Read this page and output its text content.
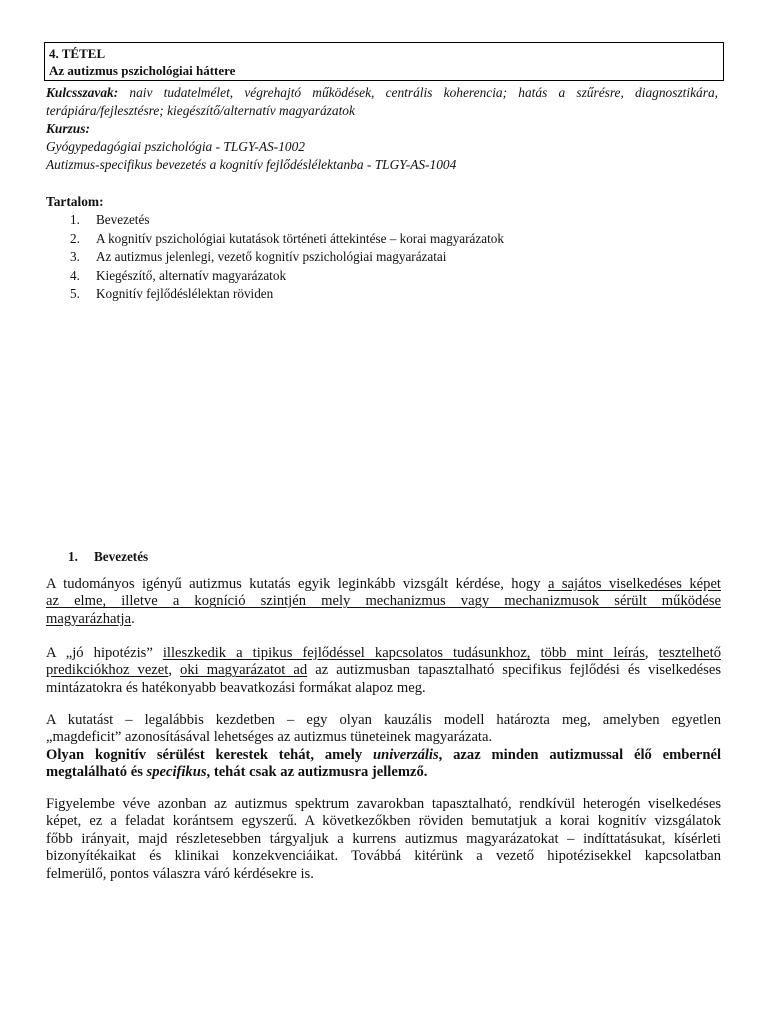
4. TÉTEL
Az autizmus pszichológiai háttere
Kulcsszavak: naiv tudatelmélet, végrehajtó működések, centrális koherencia; hatás a szűrésre, diagnosztikára,
terápiára/fejlesztésre; kiegészítő/alternatív magyarázatok
Kurzus:
Gyógypedagógiai pszichológia - TLGY-AS-1002
Autizmus-specifikus bevezetés a kognitív fejlődéslélektanba - TLGY-AS-1004
Tartalom:
1.	Bevezetés
2.	A kognitív pszichológiai kutatások történeti áttekintése – korai magyarázatok
3.	Az autizmus jelenlegi, vezető kognitív pszichológiai magyarázatai
4.	Kiegészítő, alternatív magyarázatok
5.	Kognitív fejlődéslélektan röviden
1. Bevezetés
A tudományos igényű autizmus kutatás egyik leginkább vizsgált kérdése, hogy a sajátos viselkedéses képet
az elme, illetve a kogníció szintjén mely mechanizmus vagy mechanizmusok sérült működése
magyarázhatja.
A „jó hipotézis” illeszkedik a tipikus fejlődéssel kapcsolatos tudásunkhoz, több mint leírás, tesztelhető
predikciókhoz vezet, oki magyarázatot ad az autizmusban tapasztalható specifikus fejlődési és viselkedéses
mintázatokra és hatékonyabb beavatkozási formákat alapoz meg.
A kutatást – legalábbis kezdetben – egy olyan kauzális modell határozta meg, amelyben egyetlen
„magdeficit” azonosításával lehetséges az autizmus tüneteinek magyarázata.
Olyan kognitív sérülést kerestek tehát, amely univerzális, azaz minden autizmussal élő embernél
megtalálható és specifikus, tehát csak az autizmusra jellemző.
Figyelembe véve azonban az autizmus spektrum zavarokban tapasztalható, rendkívül heterogén viselkedéses
képet, ez a feladat korántsem egyszerű. A következőkben röviden bemutatjuk a korai kognitív vizsgálatok
főbb irányait, majd részletesebben tárgyaljuk a kurrens autizmus magyarázatokat – indíttatásukat, kísérleti
bizonyítékaikat és klinikai konzekvenciáikat. Továbbá kitérünk a vezető hipotézisekkel kapcsolatban
felmerülő, pontos válaszra váró kérdésekre is.
